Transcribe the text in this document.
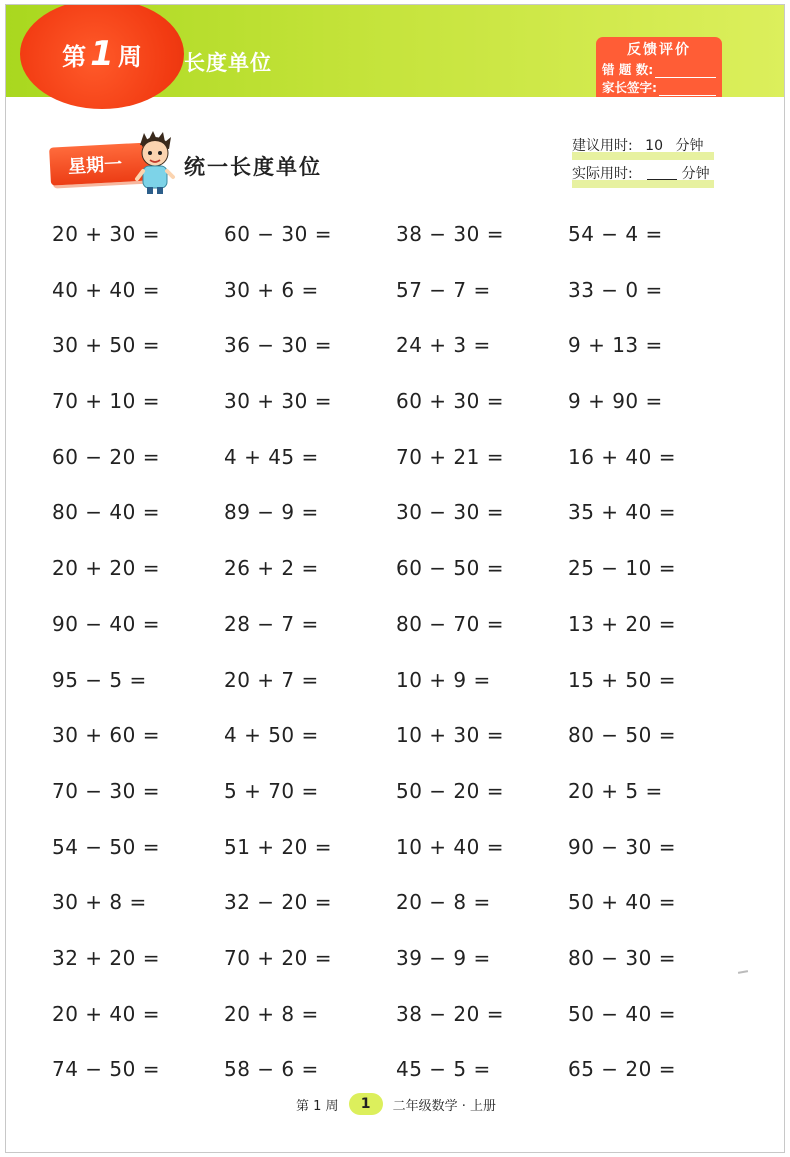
第 1 周 长度单位
反馈评价
错 题 数:
家长签字:
星期一	统一长度单位
建议用时: 10 分钟
实际用时:	分钟
20 + 30 =	60 − 30 =	38 − 30 =	54 − 4 =
40 + 40 =	30 + 6 =	57 − 7 =	33 − 0 =
30 + 50 =	36 − 30 =	24 + 3 =	9 + 13 =
70 + 10 =	30 + 30 =	60 + 30 =	9 + 90 =
60 − 20 =	4 + 45 =	70 + 21 =	16 + 40 =
80 − 40 =	89 − 9 =	30 − 30 =	35 + 40 =
20 + 20 =	26 + 2 =	60 − 50 =	25 − 10 =
90 − 40 =	28 − 7 =	80 − 70 =	13 + 20 =
95 − 5 =	20 + 7 =	10 + 9 =	15 + 50 =
30 + 60 =	4 + 50 =	10 + 30 =	80 − 50 =
70 − 30 =	5 + 70 =	50 − 20 =	20 + 5 =
54 − 50 =	51 + 20 =	10 + 40 =	90 − 30 =
30 + 8 =	32 − 20 =	20 − 8 =	50 + 40 =
32 + 20 =	70 + 20 =	39 − 9 =	80 − 30 =
20 + 40 =	20 + 8 =	38 − 20 =	50 − 40 =
74 − 50 =	58 − 6 =	45 − 5 =	65 − 20 =
第 1 周	1	二年级数学 · 上册
